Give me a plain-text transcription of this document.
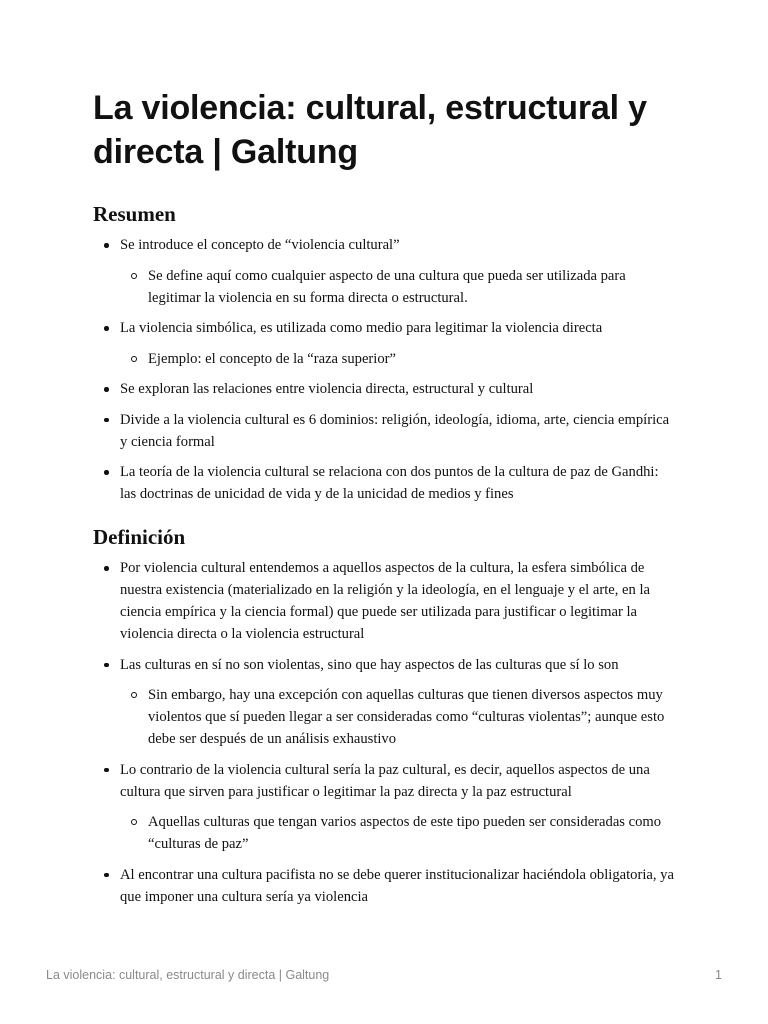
La violencia: cultural, estructural y directa | Galtung
Resumen
Se introduce el concepto de “violencia cultural”
Se define aquí como cualquier aspecto de una cultura que pueda ser utilizada para legitimar la violencia en su forma directa o estructural.
La violencia simbólica, es utilizada como medio para legitimar la violencia directa
Ejemplo: el concepto de la “raza superior”
Se exploran las relaciones entre violencia directa, estructural y cultural
Divide a la violencia cultural es 6 dominios: religión, ideología, idioma, arte, ciencia empírica y ciencia formal
La teoría de la violencia cultural se relaciona con dos puntos de la cultura de paz de Gandhi: las doctrinas de unicidad de vida y de la unicidad de medios y fines
Definición
Por violencia cultural entendemos a aquellos aspectos de la cultura, la esfera simbólica de nuestra existencia (materializado en la religión y la ideología, en el lenguaje y el arte, en la ciencia empírica y la ciencia formal) que puede ser utilizada para justificar o legitimar la violencia directa o la violencia estructural
Las culturas en sí no son violentas, sino que hay aspectos de las culturas que sí lo son
Sin embargo, hay una excepción con aquellas culturas que tienen diversos aspectos muy violentos que sí pueden llegar a ser consideradas como “culturas violentas”; aunque esto debe ser después de un análisis exhaustivo
Lo contrario de la violencia cultural sería la paz cultural, es decir, aquellos aspectos de una cultura que sirven para justificar o legitimar la paz directa y la paz estructural
Aquellas culturas que tengan varios aspectos de este tipo pueden ser consideradas como “culturas de paz”
Al encontrar una cultura pacifista no se debe querer institucionalizar haciéndola obligatoria, ya que imponer una cultura sería ya violencia
La violencia: cultural, estructural y directa | Galtung	1
